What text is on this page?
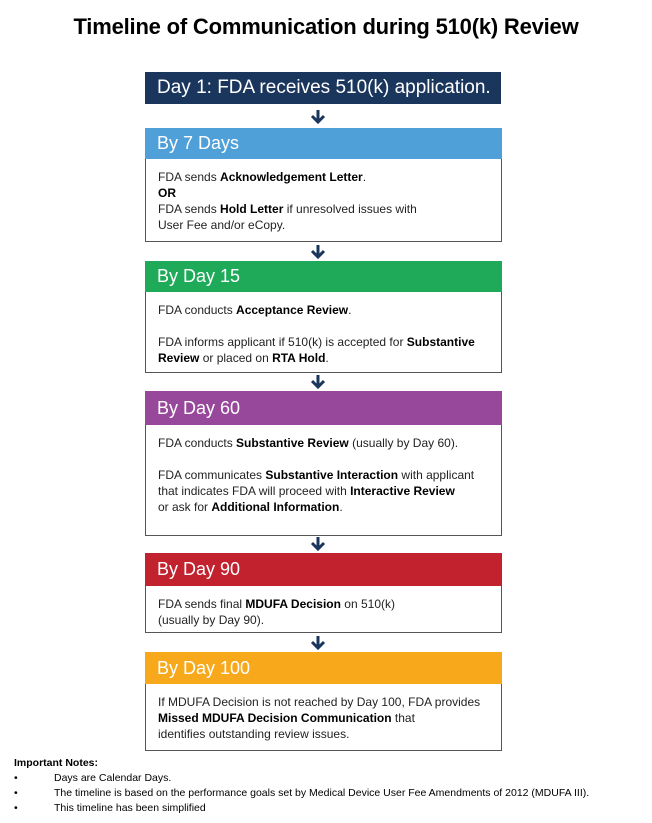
Timeline of Communication during 510(k) Review
Day 1: FDA receives 510(k) application.
By 7 Days

FDA sends Acknowledgement Letter.

OR

FDA sends Hold Letter if unresolved issues with

User Fee and/or eCopy.

By Day 15

FDA conducts Acceptance Review.

FDA informs applicant if 510(k) is accepted for Substantive
Review or placed on RTA Hold.

By Day 60

FDA conducts Substantive Review (usually by Day 60).

FDA communicates Substantive Interaction with applicant
that indicates FDA will proceed with Interactive Review
or ask for Additional Information.

By Day 90

FDA sends final MDUFA Decision on 510(k)

(usually by Day 90).

By Day 100

If MDUFA Decision is not reached by Day 100, FDA provides

Missed MDUFA Decision Communication that

identifies outstanding review issues.

Important Notes:
•	Days are Calendar Days.
•	The timeline is based on the performance goals set by Medical Device User Fee Amendments of 2012 (MDUFA III).
•	This timeline has been simplified
